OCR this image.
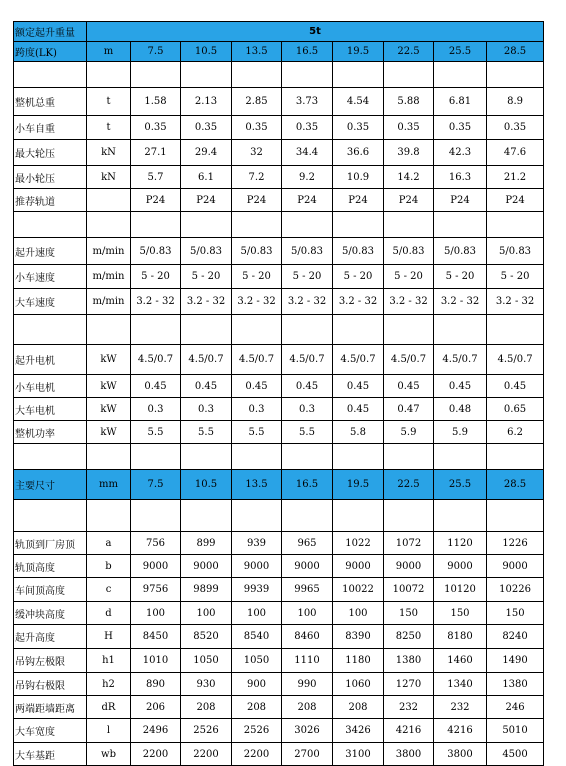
额定起升重量	5t								
跨度(LK)	m	7.5	10.5	13.5	16.5	19.5	22.5	25.5	28.5

整机总重	t	1.58	2.13	2.85	3.73	4.54	5.88	6.81	8.9
小车自重	t	0.35	0.35	0.35	0.35	0.35	0.35	0.35	0.35
最大轮压	kN	27.1	29.4	32	34.4	36.6	39.8	42.3	47.6
最小轮压	kN	5.7	6.1	7.2	9.2	10.9	14.2	16.3	21.2
推荐轨道		P24	P24	P24	P24	P24	P24	P24	P24

起升速度	m/min	5/0.83	5/0.83	5/0.83	5/0.83	5/0.83	5/0.83	5/0.83	5/0.83
小车速度	m/min	5 - 20	5 - 20	5 - 20	5 - 20	5 - 20	5 - 20	5 - 20	5 - 20
大车速度	m/min	3.2 - 32	3.2 - 32	3.2 - 32	3.2 - 32	3.2 - 32	3.2 - 32	3.2 - 32	3.2 - 32

起升电机	kW	4.5/0.7	4.5/0.7	4.5/0.7	4.5/0.7	4.5/0.7	4.5/0.7	4.5/0.7	4.5/0.7
小车电机	kW	0.45	0.45	0.45	0.45	0.45	0.45	0.45	0.45
大车电机	kW	0.3	0.3	0.3	0.3	0.45	0.47	0.48	0.65
整机功率	kW	5.5	5.5	5.5	5.5	5.8	5.9	5.9	6.2

主要尺寸	mm	7.5	10.5	13.5	16.5	19.5	22.5	25.5	28.5

轨顶到厂房顶	a	756	899	939	965	1022	1072	1120	1226
轨顶高度	b	9000	9000	9000	9000	9000	9000	9000	9000
车间顶高度	c	9756	9899	9939	9965	10022	10072	10120	10226
缓冲块高度	d	100	100	100	100	100	150	150	150
起升高度	H	8450	8520	8540	8460	8390	8250	8180	8240
吊钩左极限	h1	1010	1050	1050	1110	1180	1380	1460	1490
吊钩右极限	h2	890	930	900	990	1060	1270	1340	1380
两端距墙距离	dR	206	208	208	208	208	232	232	246
大车宽度	l	2496	2526	2526	3026	3426	4216	4216	5010
大车基距	wb	2200	2200	2200	2700	3100	3800	3800	4500
